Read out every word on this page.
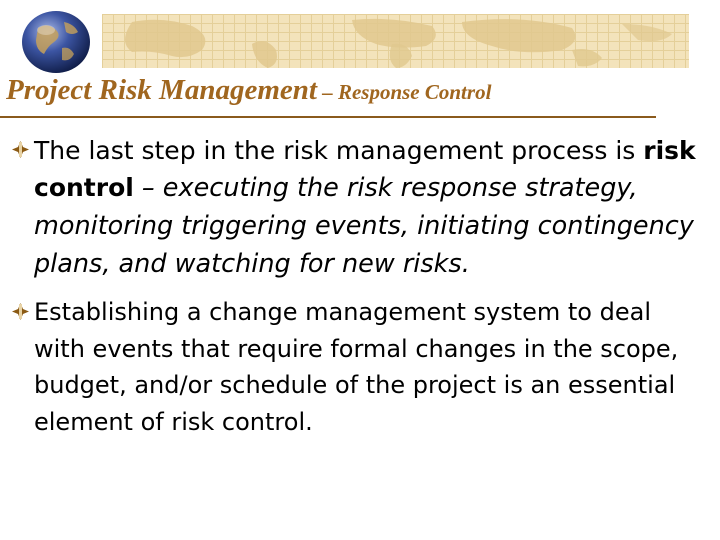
Project Risk Management – Response Control
The last step in the risk management process is risk control – executing the risk response strategy, monitoring triggering events, initiating contingency plans, and watching for new risks.
Establishing a change management system to deal with events that require formal changes in the scope, budget, and/or schedule of the project is an essential element of risk control.
